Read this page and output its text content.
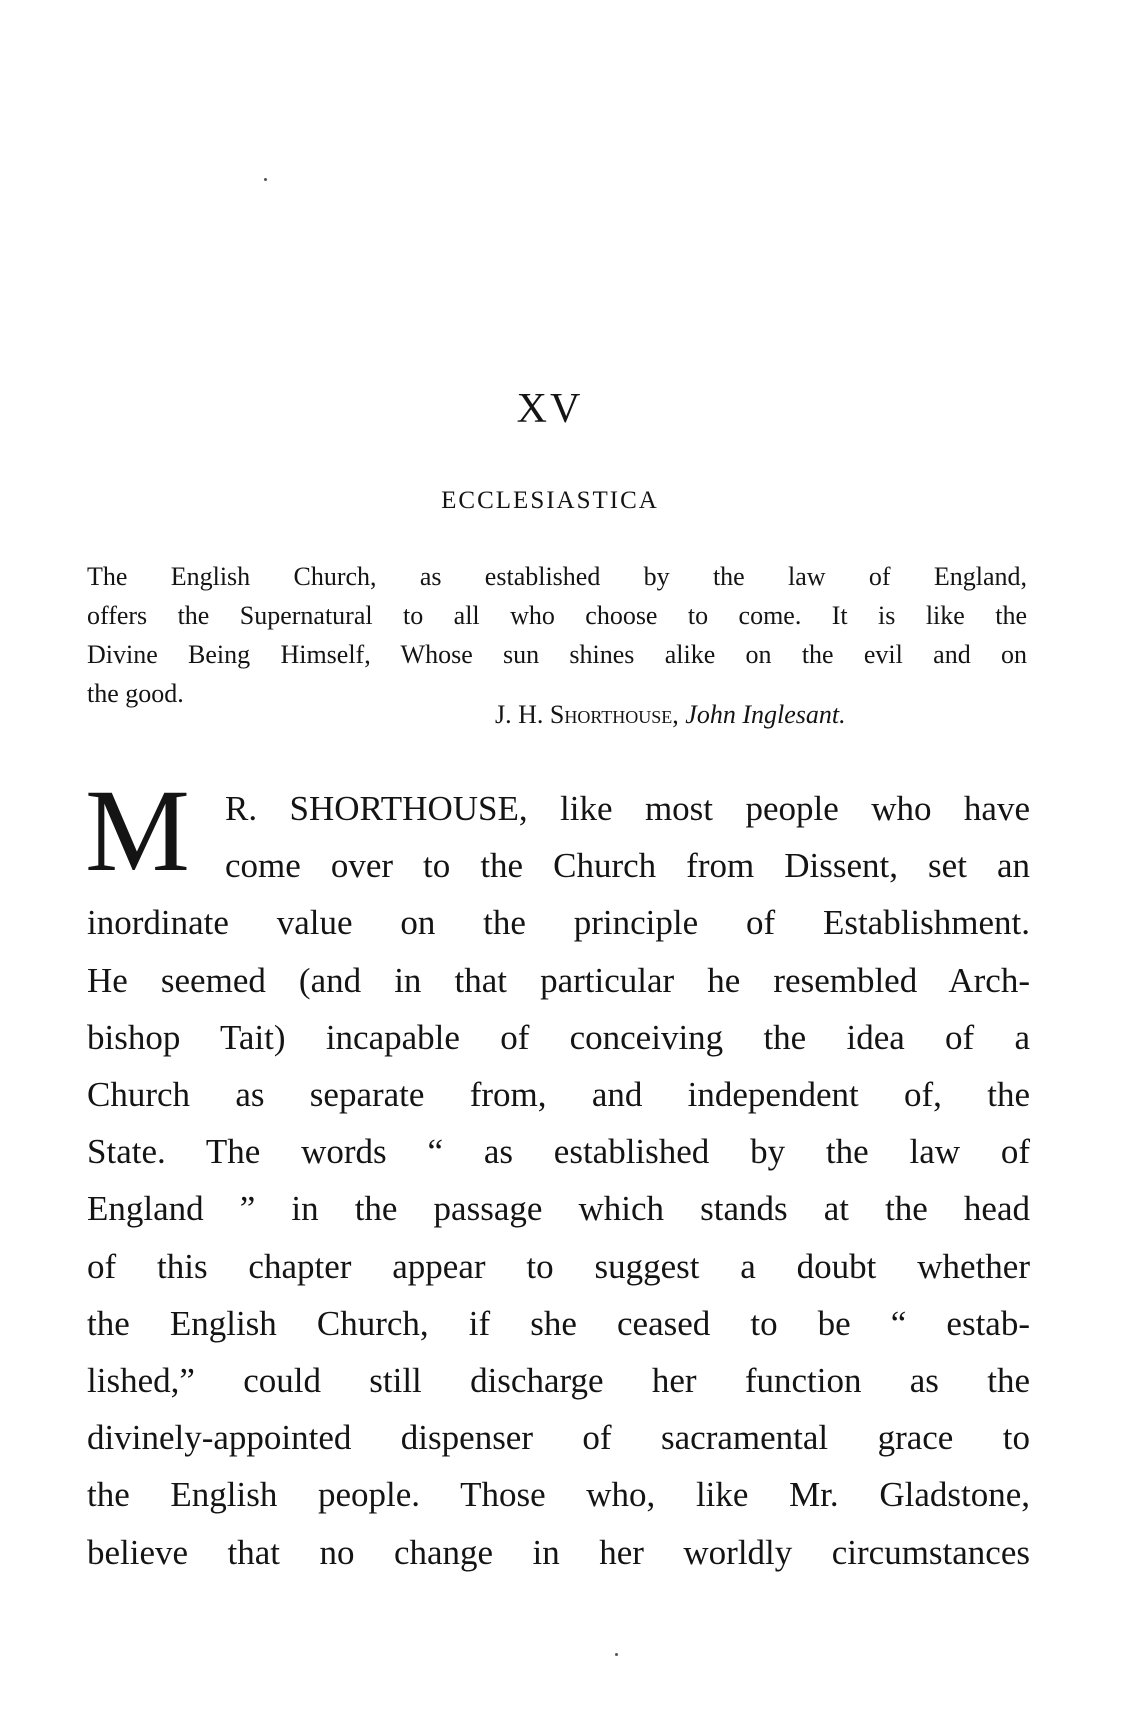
XV
ECCLESIASTICA
The English Church, as established by the law of England,
offers the Supernatural to all who choose to come. It is like the
Divine Being Himself, Whose sun shines alike on the evil and on
the good.
J. H. Shorthouse, John Inglesant.
M	R. SHORTHOUSE, like most people who have
come over to the Church from Dissent, set an
inordinate value on the principle of Establishment.
He seemed (and in that particular he resembled Arch-
bishop Tait) incapable of conceiving the idea of a
Church as separate from, and independent of, the
State. The words “ as established by the law of
England ” in the passage which stands at the head
of this chapter appear to suggest a doubt whether
the English Church, if she ceased to be “ estab-
lished,” could still discharge her function as the
divinely-appointed dispenser of sacramental grace to
the English people. Those who, like Mr. Gladstone,
believe that no change in her worldly circumstances
